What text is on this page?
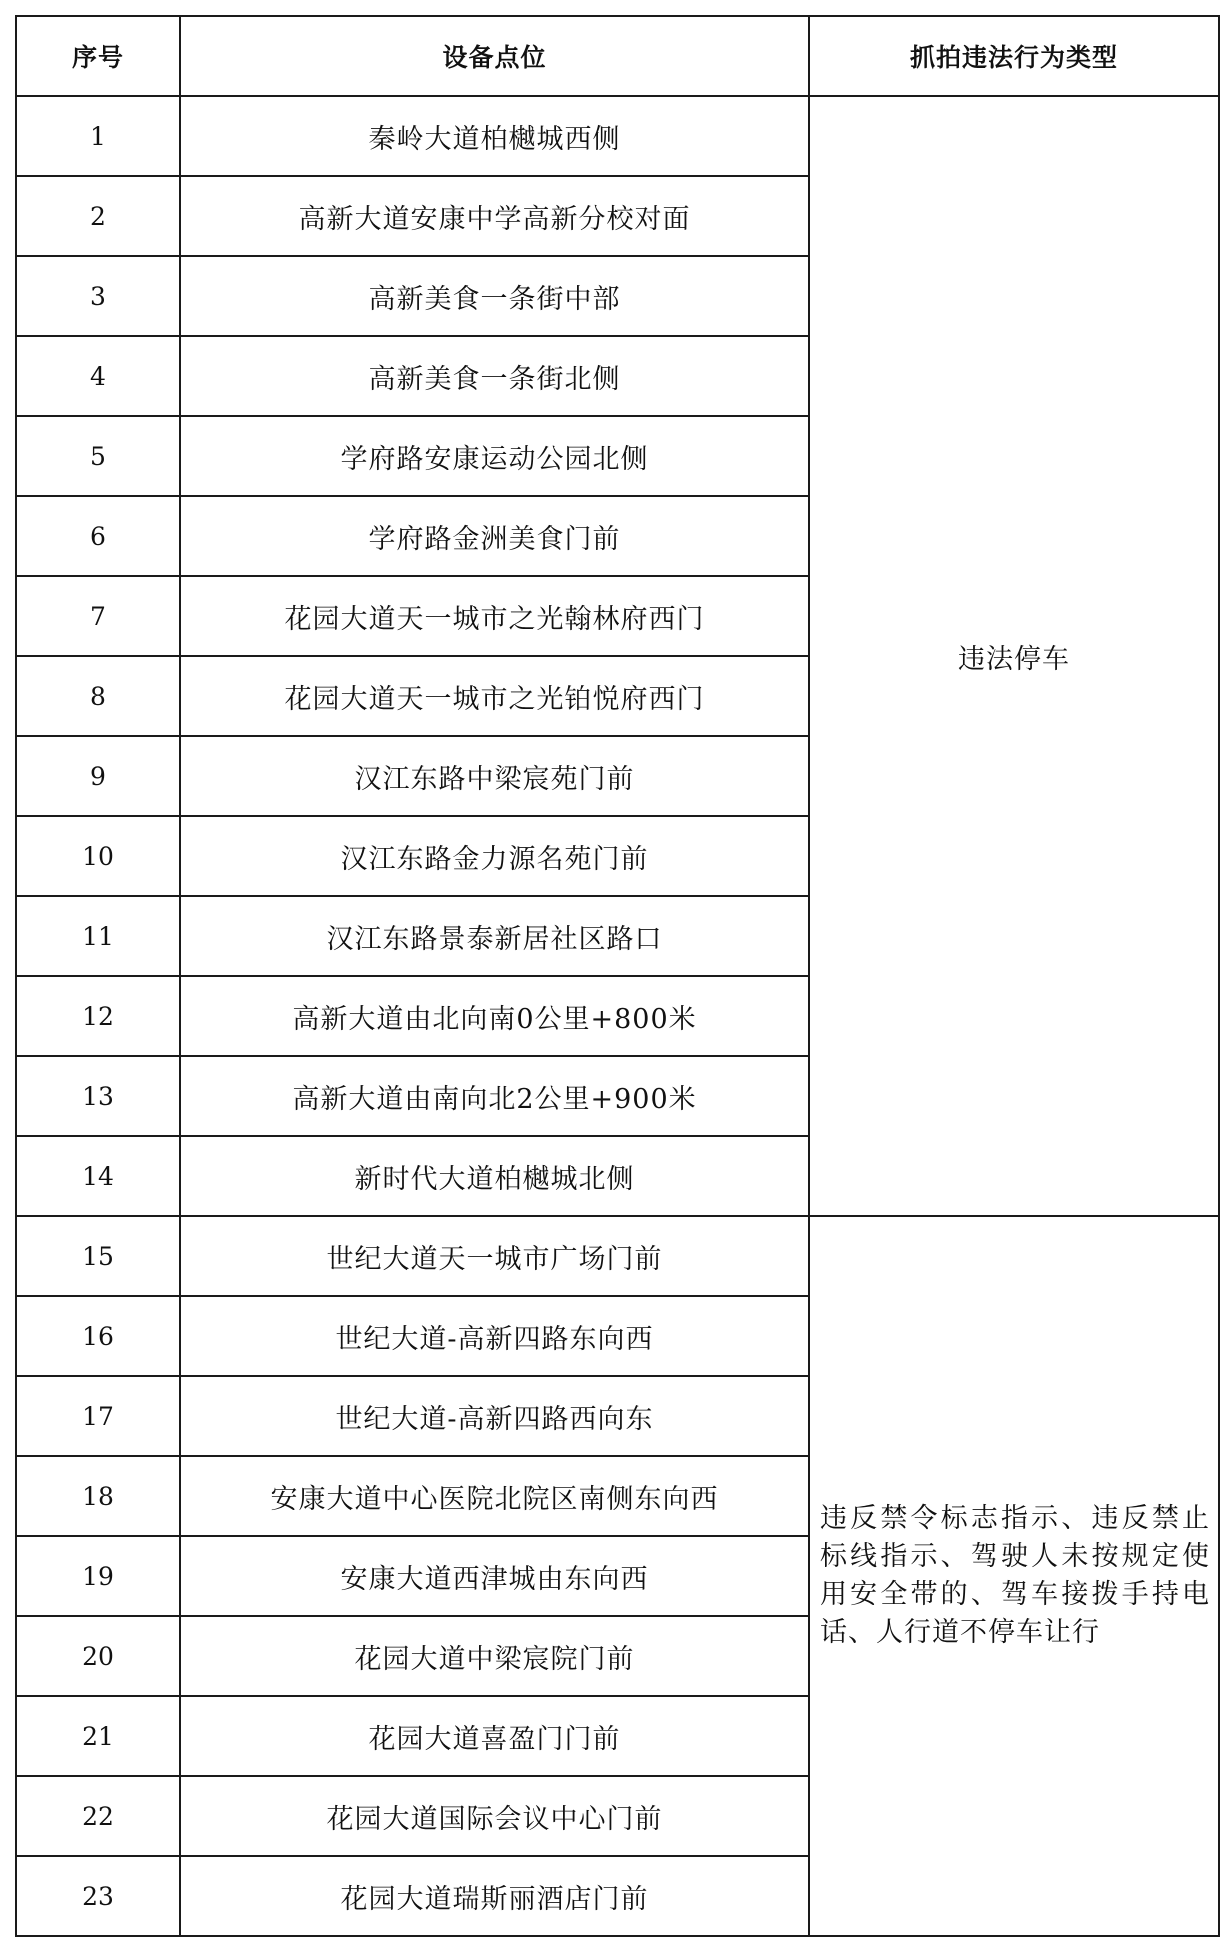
序号	设备点位	抓拍违法行为类型
1	秦岭大道柏樾城西侧	违法停车
2	高新大道安康中学高新分校对面	
3	高新美食一条街中部	
4	高新美食一条街北侧	
5	学府路安康运动公园北侧	
6	学府路金洲美食门前	
7	花园大道天一城市之光翰林府西门	
8	花园大道天一城市之光铂悦府西门	
9	汉江东路中梁宸苑门前	
10	汉江东路金力源名苑门前	
11	汉江东路景泰新居社区路口	
12	高新大道由北向南0公里+800米	
13	高新大道由南向北2公里+900米	
14	新时代大道柏樾城北侧	
15	世纪大道天一城市广场门前	违反禁令标志指示、违反禁止标线指示、驾驶人未按规定使用安全带的、驾车接拨手持电话、人行道不停车让行
16	世纪大道-高新四路东向西	
17	世纪大道-高新四路西向东	
18	安康大道中心医院北院区南侧东向西	
19	安康大道西津城由东向西	
20	花园大道中梁宸院门前	
21	花园大道喜盈门门前	
22	花园大道国际会议中心门前	
23	花园大道瑞斯丽酒店门前	
